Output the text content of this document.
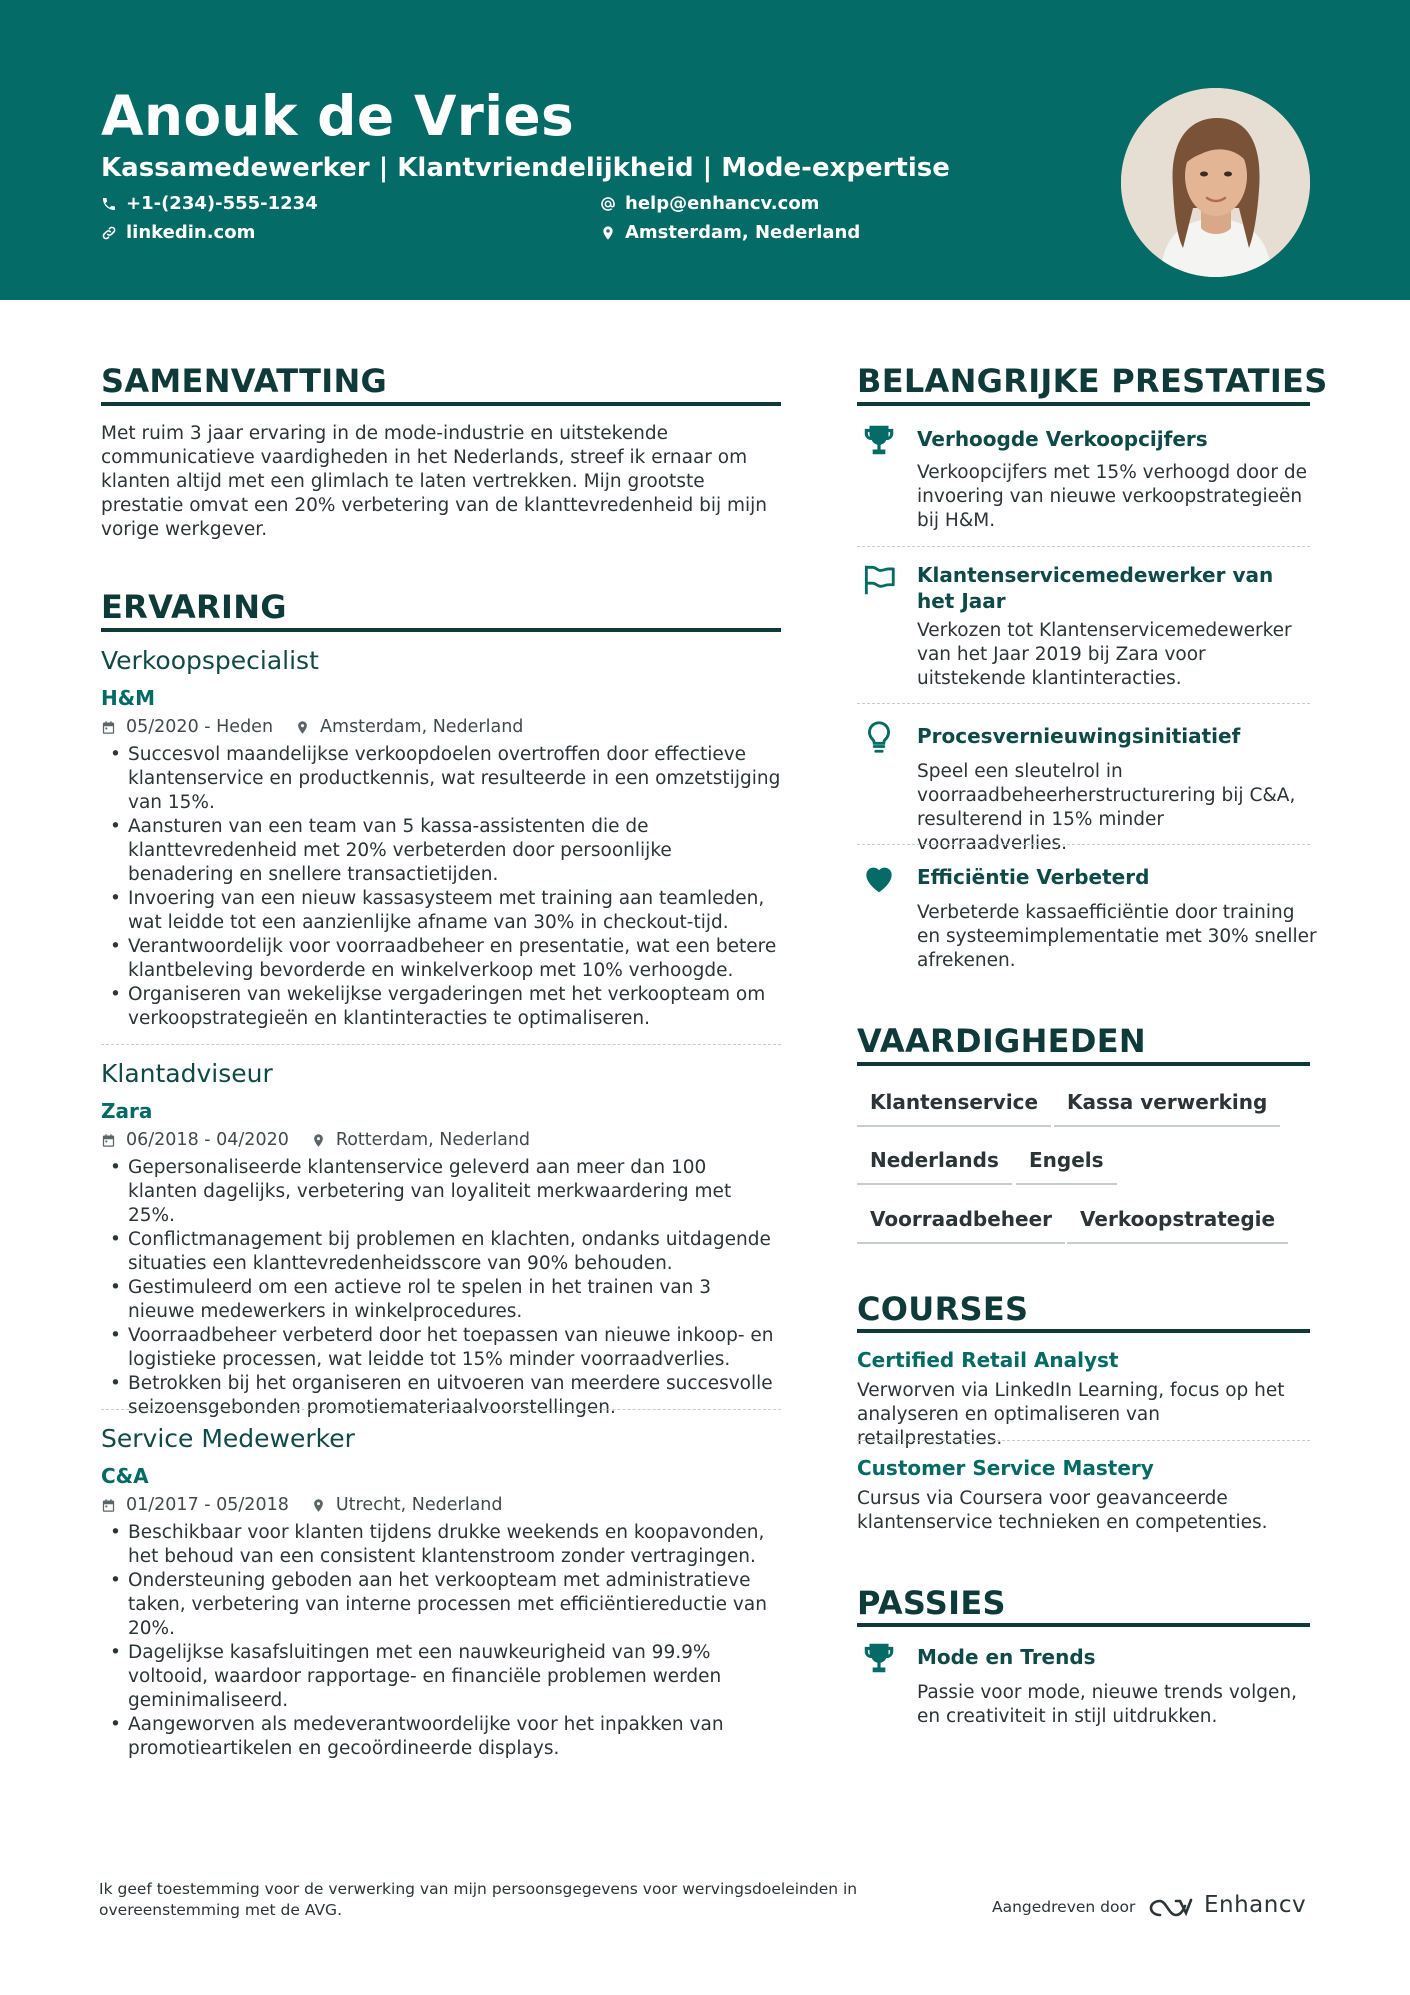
Anouk de Vries
Kassamedewerker | Klantvriendelijkheid | Mode-expertise
+1-(234)-555-1234	help@enhancv.com
linkedin.com	Amsterdam, Nederland
SAMENVATTING
Met ruim 3 jaar ervaring in de mode-industrie en uitstekende communicatieve vaardigheden in het Nederlands, streef ik ernaar om klanten altijd met een glimlach te laten vertrekken. Mijn grootste prestatie omvat een 20% verbetering van de klanttevredenheid bij mijn vorige werkgever.
ERVARING
Verkoopspecialist
H&M
05/2020 - Heden	Amsterdam, Nederland
• Succesvol maandelijkse verkoopdoelen overtroffen door effectieve klantenservice en productkennis, wat resulteerde in een omzetstijging van 15%.
• Aansturen van een team van 5 kassa-assistenten die de klanttevredenheid met 20% verbeterden door persoonlijke benadering en snellere transactietijden.
• Invoering van een nieuw kassasysteem met training aan teamleden, wat leidde tot een aanzienlijke afname van 30% in checkout-tijd.
• Verantwoordelijk voor voorraadbeheer en presentatie, wat een betere klantbeleving bevorderde en winkelverkoop met 10% verhoogde.
• Organiseren van wekelijkse vergaderingen met het verkoopteam om verkoopstrategieën en klantinteracties te optimaliseren.
Klantadviseur
Zara
06/2018 - 04/2020	Rotterdam, Nederland
• Gepersonaliseerde klantenservice geleverd aan meer dan 100 klanten dagelijks, verbetering van loyaliteit merkwaardering met 25%.
• Conflictmanagement bij problemen en klachten, ondanks uitdagende situaties een klanttevredenheidsscore van 90% behouden.
• Gestimuleerd om een actieve rol te spelen in het trainen van 3 nieuwe medewerkers in winkelprocedures.
• Voorraadbeheer verbeterd door het toepassen van nieuwe inkoop- en logistieke processen, wat leidde tot 15% minder voorraadverlies.
• Betrokken bij het organiseren en uitvoeren van meerdere succesvolle seizoensgebonden promotiemateriaalvoorstellingen.
Service Medewerker
C&A
01/2017 - 05/2018	Utrecht, Nederland
• Beschikbaar voor klanten tijdens drukke weekends en koopavonden, het behoud van een consistent klantenstroom zonder vertragingen.
• Ondersteuning geboden aan het verkoopteam met administratieve taken, verbetering van interne processen met efficiëntiereductie van 20%.
• Dagelijkse kasafsluitingen met een nauwkeurigheid van 99.9% voltooid, waardoor rapportage- en financiële problemen werden geminimaliseerd.
• Aangeworven als medeverantwoordelijke voor het inpakken van promotieartikelen en gecoördineerde displays.
BELANGRIJKE PRESTATIES
Verhoogde Verkoopcijfers
Verkoopcijfers met 15% verhoogd door de invoering van nieuwe verkoopstrategieën bij H&M.
Klantenservicemedewerker van het Jaar
Verkozen tot Klantenservicemedewerker van het Jaar 2019 bij Zara voor uitstekende klantinteracties.
Procesvernieuwingsinitiatief
Speel een sleutelrol in voorraadbeheerherstructurering bij C&A, resulterend in 15% minder voorraadverlies.
Efficiëntie Verbeterd
Verbeterde kassaefficiëntie door training en systeemimplementatie met 30% sneller afrekenen.
VAARDIGHEDEN
Klantenservice	Kassa verwerking
Nederlands	Engels
Voorraadbeheer	Verkoopstrategie
COURSES
Certified Retail Analyst
Verworven via LinkedIn Learning, focus op het analyseren en optimaliseren van retailprestaties.
Customer Service Mastery
Cursus via Coursera voor geavanceerde klantenservice technieken en competenties.
PASSIES
Mode en Trends
Passie voor mode, nieuwe trends volgen, en creativiteit in stijl uitdrukken.
Ik geef toestemming voor de verwerking van mijn persoonsgegevens voor wervingsdoeleinden in overeenstemming met de AVG.	Aangedreven door	Enhancv
